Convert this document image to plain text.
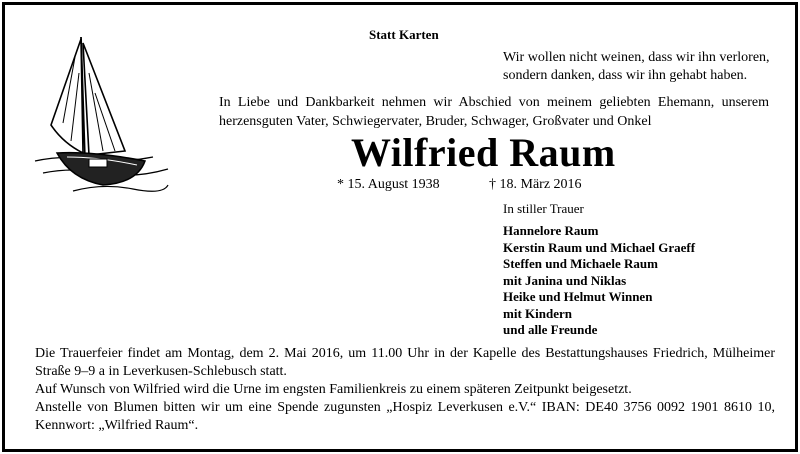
Statt Karten
Wir wollen nicht weinen, dass wir ihn verloren,
sondern danken, dass wir ihn gehabt haben.
In Liebe und Dankbarkeit nehmen wir Abschied von meinem geliebten Ehemann, unserem herzensguten Vater, Schwiegervater, Bruder, Schwager, Großvater und Onkel
Wilfried Raum
* 15. August 1938	† 18. März 2016
In stiller Trauer
Hannelore Raum
Kerstin Raum und Michael Graeff
Steffen und Michaele Raum
mit Janina und Niklas
Heike und Helmut Winnen
mit Kindern
und alle Freunde
Die Trauerfeier findet am Montag, dem 2. Mai 2016, um 11.00 Uhr in der Kapelle des Bestattungshauses Friedrich, Mülheimer Straße 9–9 a in Leverkusen-Schlebusch statt.
Auf Wunsch von Wilfried wird die Urne im engsten Familienkreis zu einem späteren Zeitpunkt beigesetzt.
Anstelle von Blumen bitten wir um eine Spende zugunsten „Hospiz Leverkusen e.V.“ IBAN: DE40 3756 0092 1901 8610 10, Kennwort: „Wilfried Raum“.
